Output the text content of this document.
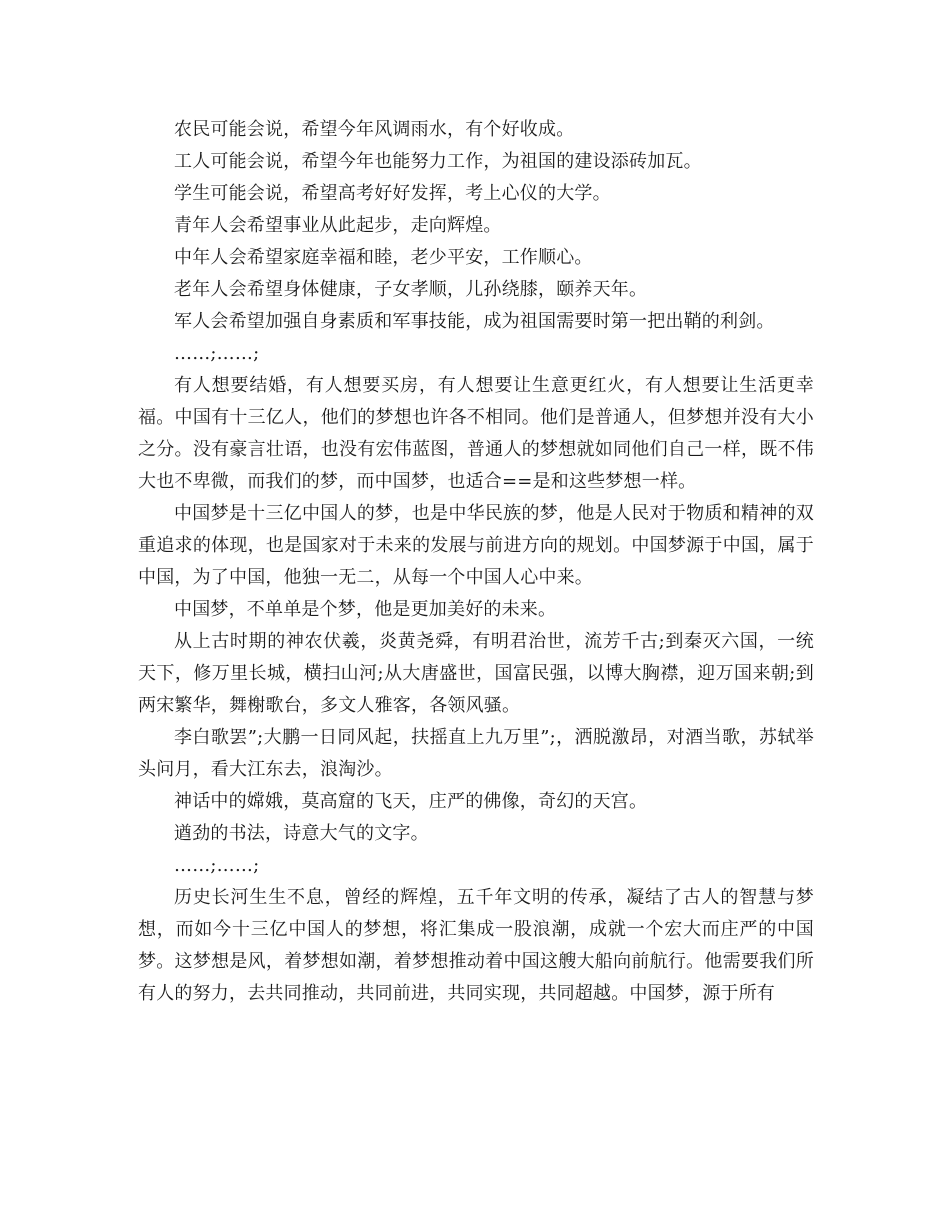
农民可能会说，希望今年风调雨水，有个好收成。

工人可能会说，希望今年也能努力工作，为祖国的建设添砖加瓦。

学生可能会说，希望高考好好发挥，考上心仪的大学。

青年人会希望事业从此起步，走向辉煌。

中年人会希望家庭幸福和睦，老少平安，工作顺心。

老年人会希望身体健康，子女孝顺，儿孙绕膝，颐养天年。

军人会希望加强自身素质和军事技能，成为祖国需要时第一把出鞘的利剑。

……;……;

有人想要结婚，有人想要买房，有人想要让生意更红火，有人想要让生活更幸福。中国有十三亿人，他们的梦想也许各不相同。他们是普通人，但梦想并没有大小之分。没有豪言壮语，也没有宏伟蓝图，普通人的梦想就如同他们自己一样，既不伟大也不卑微，而我们的梦，而中国梦，也适合==是和这些梦想一样。

中国梦是十三亿中国人的梦，也是中华民族的梦，他是人民对于物质和精神的双重追求的体现，也是国家对于未来的发展与前进方向的规划。中国梦源于中国，属于中国，为了中国，他独一无二，从每一个中国人心中来。

中国梦，不单单是个梦，他是更加美好的未来。

从上古时期的神农伏羲，炎黄尧舜，有明君治世，流芳千古;到秦灭六国，一统天下，修万里长城，横扫山河;从大唐盛世，国富民强，以博大胸襟，迎万国来朝;到两宋繁华，舞榭歌台，多文人雅客，各领风骚。

李白歌罢”;大鹏一日同风起，扶摇直上九万里”;，洒脱激昂，对酒当歌，苏轼举头问月，看大江东去，浪淘沙。

神话中的嫦娥，莫高窟的飞天，庄严的佛像，奇幻的天宫。

遒劲的书法，诗意大气的文字。

……;……;

历史长河生生不息，曾经的辉煌，五千年文明的传承，凝结了古人的智慧与梦想，而如今十三亿中国人的梦想，将汇集成一股浪潮，成就一个宏大而庄严的中国梦。这梦想是风，着梦想如潮，着梦想推动着中国这艘大船向前航行。他需要我们所有人的努力，去共同推动，共同前进，共同实现，共同超越。中国梦，源于所有
